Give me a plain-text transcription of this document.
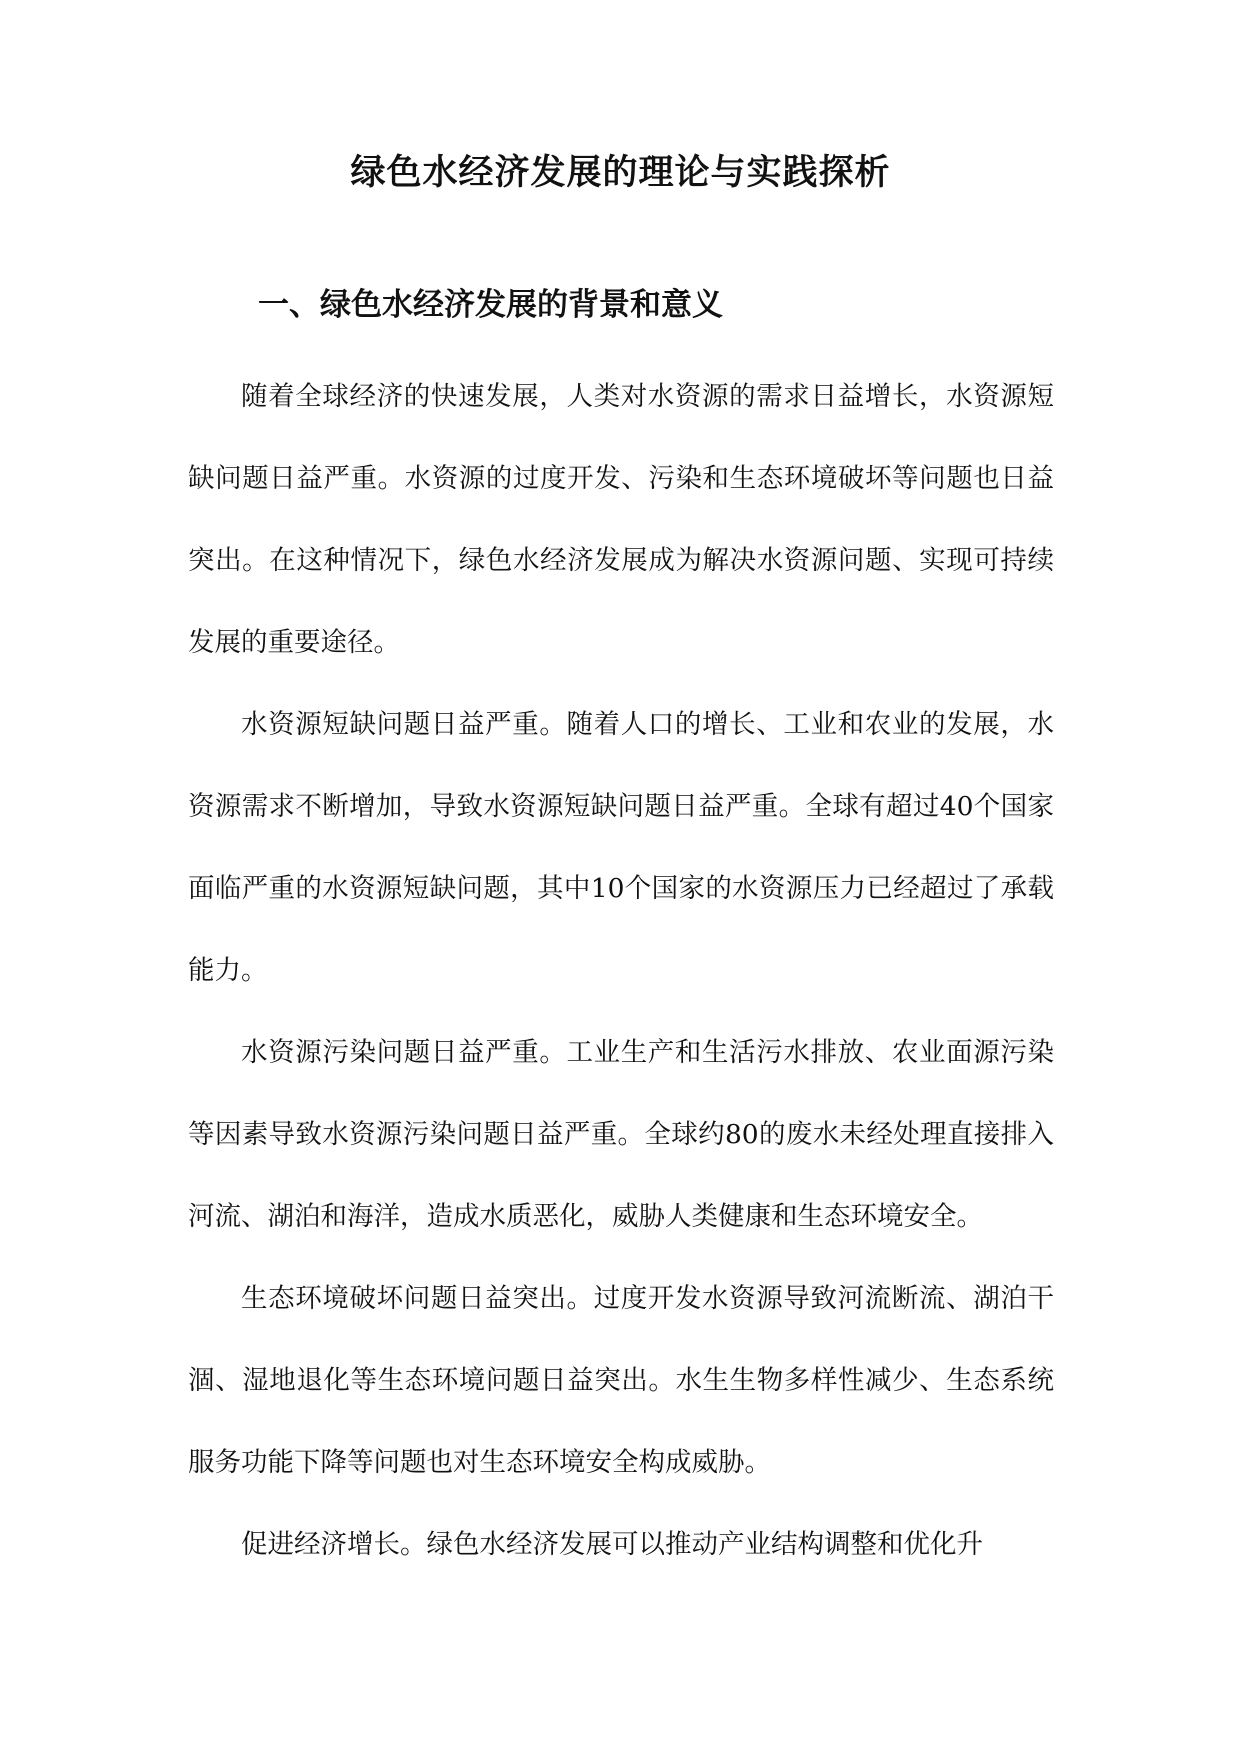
绿色水经济发展的理论与实践探析
一、绿色水经济发展的背景和意义

随着全球经济的快速发展，人类对水资源的需求日益增长，水资源短缺问题日益严重。水资源的过度开发、污染和生态环境破坏等问题也日益突出。在这种情况下，绿色水经济发展成为解决水资源问题、实现可持续发展的重要途径。

水资源短缺问题日益严重。随着人口的增长、工业和农业的发展，水资源需求不断增加，导致水资源短缺问题日益严重。全球有超过40个国家面临严重的水资源短缺问题，其中10个国家的水资源压力已经超过了承载能力。

水资源污染问题日益严重。工业生产和生活污水排放、农业面源污染等因素导致水资源污染问题日益严重。全球约80的废水未经处理直接排入河流、湖泊和海洋，造成水质恶化，威胁人类健康和生态环境安全。

生态环境破坏问题日益突出。过度开发水资源导致河流断流、湖泊干涸、湿地退化等生态环境问题日益突出。水生生物多样性减少、生态系统服务功能下降等问题也对生态环境安全构成威胁。

促进经济增长。绿色水经济发展可以推动产业结构调整和优化升
